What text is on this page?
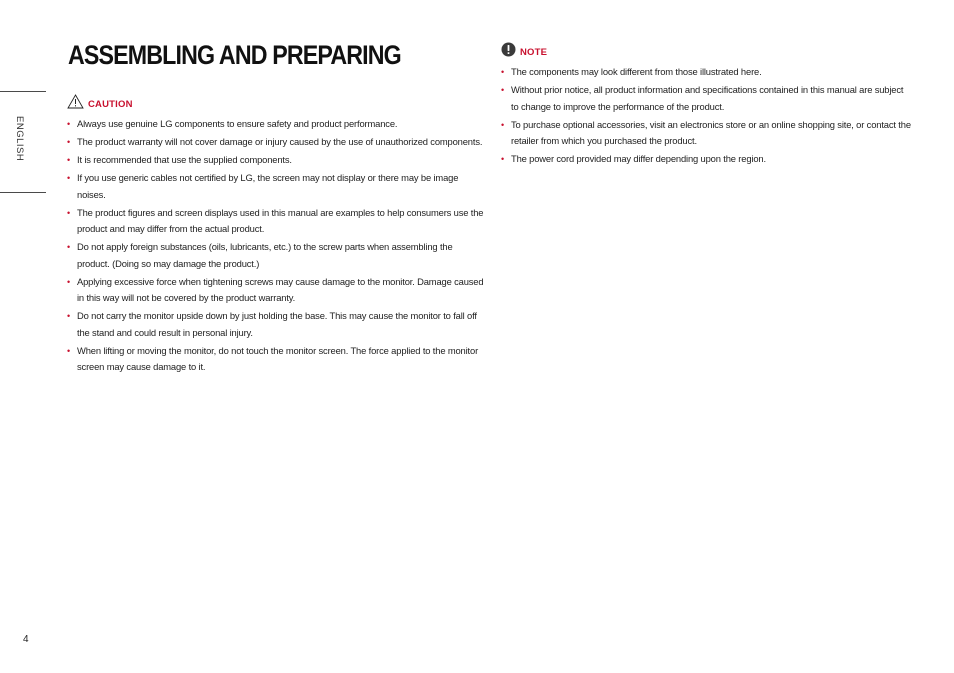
ENGLISH
ASSEMBLING AND PREPARING
CAUTION
• Always use genuine LG components to ensure safety and product performance.
• The product warranty will not cover damage or injury caused by the use of unauthorized components.
• It is recommended that use the supplied components.
• If you use generic cables not certified by LG, the screen may not display or there may be image noises.
• The product figures and screen displays used in this manual are examples to help consumers use the product and may differ from the actual product.
• Do not apply foreign substances (oils, lubricants, etc.) to the screw parts when assembling the product. (Doing so may damage the product.)
• Applying excessive force when tightening screws may cause damage to the monitor. Damage caused in this way will not be covered by the product warranty.
• Do not carry the monitor upside down by just holding the base. This may cause the monitor to fall off the stand and could result in personal injury.
• When lifting or moving the monitor, do not touch the monitor screen. The force applied to the monitor screen may cause damage to it.
NOTE
• The components may look different from those illustrated here.
• Without prior notice, all product information and specifications contained in this manual are subject to change to improve the performance of the product.
• To purchase optional accessories, visit an electronics store or an online shopping site, or contact the retailer from which you purchased the product.
• The power cord provided may differ depending upon the region.
4
